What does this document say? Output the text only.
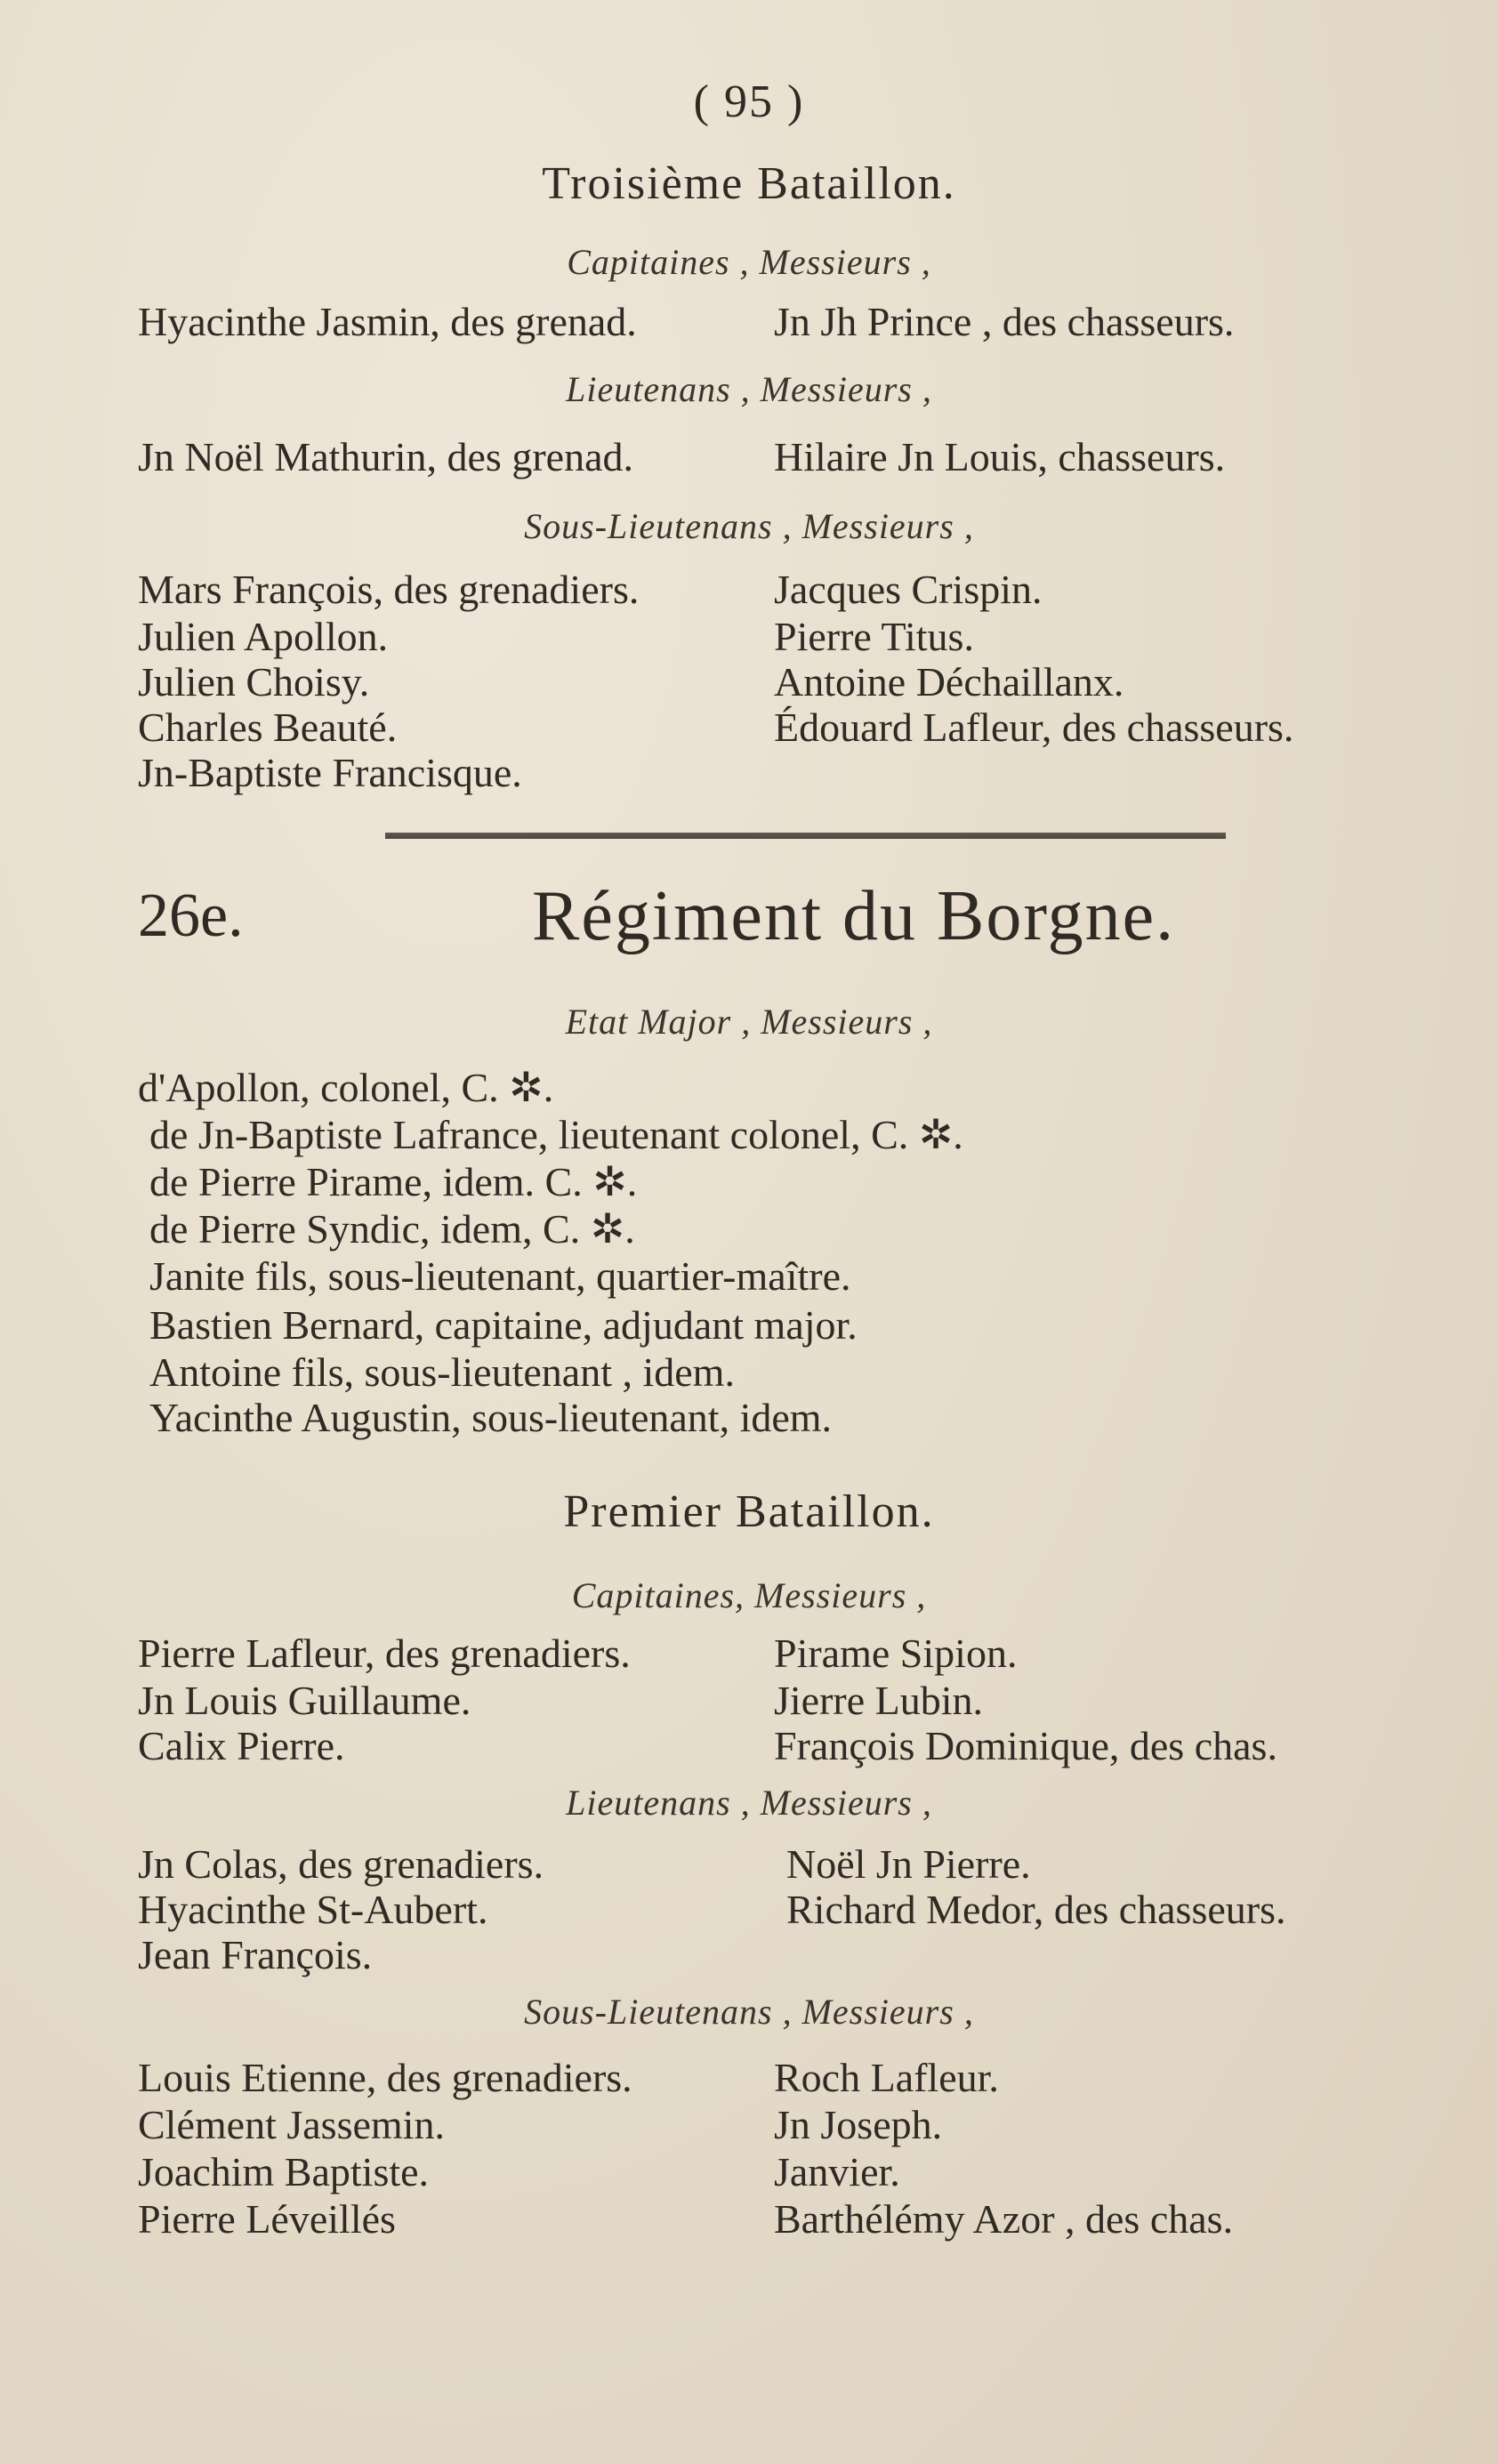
( 95 )
Troisième Bataillon.
Capitaines , Messieurs ,
Hyacinthe Jasmin, des grenad.	Jn Jh Prince , des chasseurs.
Lieutenans , Messieurs ,
Jn Noël Mathurin, des grenad.	Hilaire Jn Louis, chasseurs.
Sous-Lieutenans , Messieurs ,
Mars François, des grenadiers.	Jacques Crispin.
Julien Apollon.	Pierre Titus.
Julien Choisy.	Antoine Déchaillanx.
Charles Beauté.	Édouard Lafleur, des chasseurs.
Jn-Baptiste Francisque.
26e.	Régiment du Borgne.
Etat Major , Messieurs ,
d'Apollon, colonel, C. ✲.
de Jn-Baptiste Lafrance, lieutenant colonel, C. ✲.
de Pierre Pirame, idem. C. ✲.
de Pierre Syndic, idem, C. ✲.
Janite fils, sous-lieutenant, quartier-maître.
Bastien Bernard, capitaine, adjudant major.
Antoine fils, sous-lieutenant , idem.
Yacinthe Augustin, sous-lieutenant, idem.
Premier Bataillon.
Capitaines, Messieurs ,
Pierre Lafleur, des grenadiers.	Pirame Sipion.
Jn Louis Guillaume.	Jierre Lubin.
Calix Pierre.	François Dominique, des chas.
Lieutenans , Messieurs ,
Jn Colas, des grenadiers.	Noël Jn Pierre.
Hyacinthe St-Aubert.	Richard Medor, des chasseurs.
Jean François.
Sous-Lieutenans , Messieurs ,
Louis Etienne, des grenadiers.	Roch Lafleur.
Clément Jassemin.	Jn Joseph.
Joachim Baptiste.	Janvier.
Pierre Léveillés	Barthélémy Azor , des chas.
